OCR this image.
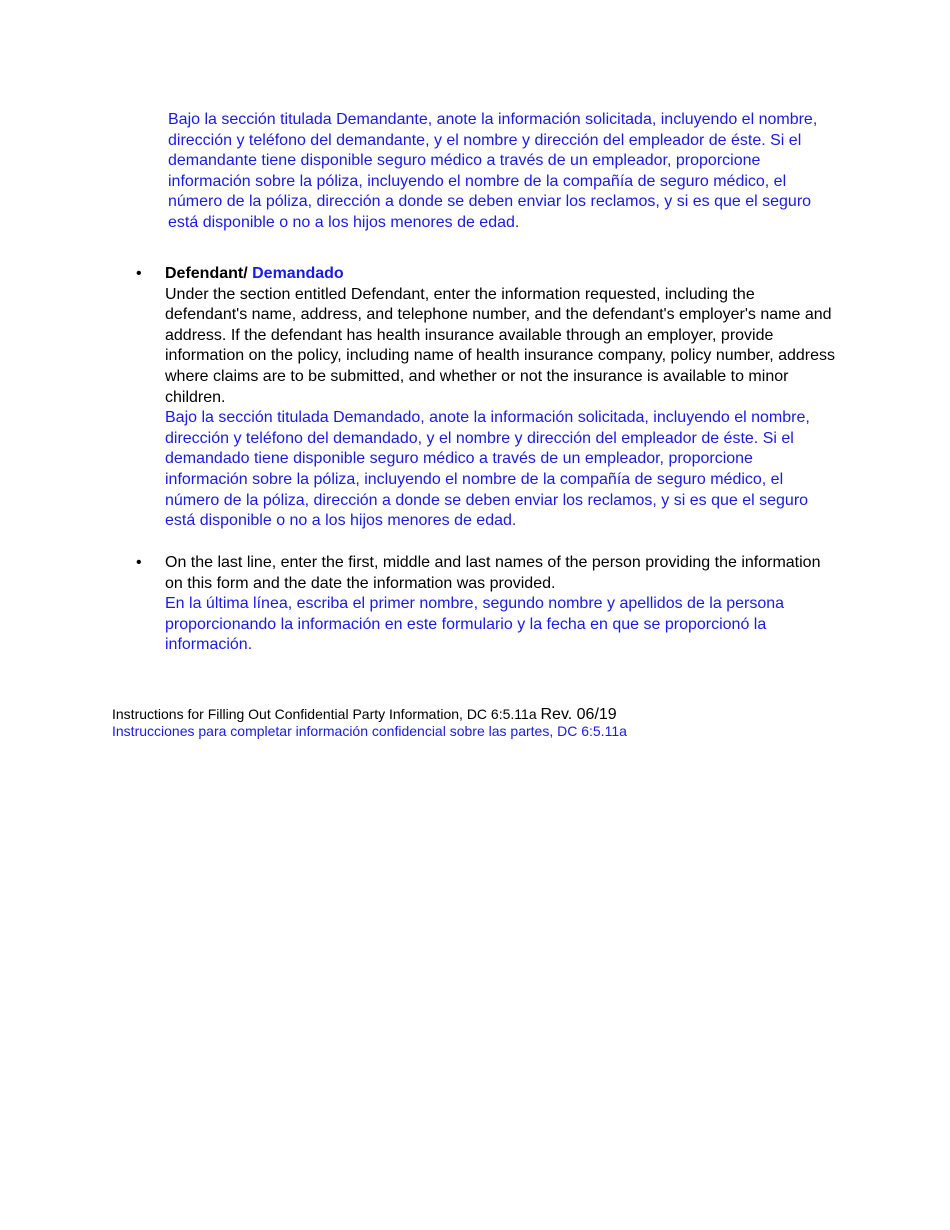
Bajo la sección titulada Demandante, anote la información solicitada, incluyendo el nombre, dirección y teléfono del demandante, y el nombre y dirección del empleador de éste. Si el demandante tiene disponible seguro médico a través de un empleador, proporcione información sobre la póliza, incluyendo el nombre de la compañía de seguro médico, el número de la póliza, dirección a donde se deben enviar los reclamos, y si es que el seguro está disponible o no a los hijos menores de edad.
•	Defendant/ Demandado
Under the section entitled Defendant, enter the information requested, including the defendant's name, address, and telephone number, and the defendant's employer's name and address. If the defendant has health insurance available through an employer, provide information on the policy, including name of health insurance company, policy number, address where claims are to be submitted, and whether or not the insurance is available to minor children.
Bajo la sección titulada Demandado, anote la información solicitada, incluyendo el nombre, dirección y teléfono del demandado, y el nombre y dirección del empleador de éste. Si el demandado tiene disponible seguro médico a través de un empleador, proporcione información sobre la póliza, incluyendo el nombre de la compañía de seguro médico, el número de la póliza, dirección a donde se deben enviar los reclamos, y si es que el seguro está disponible o no a los hijos menores de edad.
•	On the last line, enter the first, middle and last names of the person providing the information on this form and the date the information was provided.
En la última línea, escriba el primer nombre, segundo nombre y apellidos de la persona proporcionando la información en este formulario y la fecha en que se proporcionó la información.
Instructions for Filling Out Confidential Party Information, DC 6:5.11a Rev. 06/19
Instrucciones para completar información confidencial sobre las partes, DC 6:5.11a
